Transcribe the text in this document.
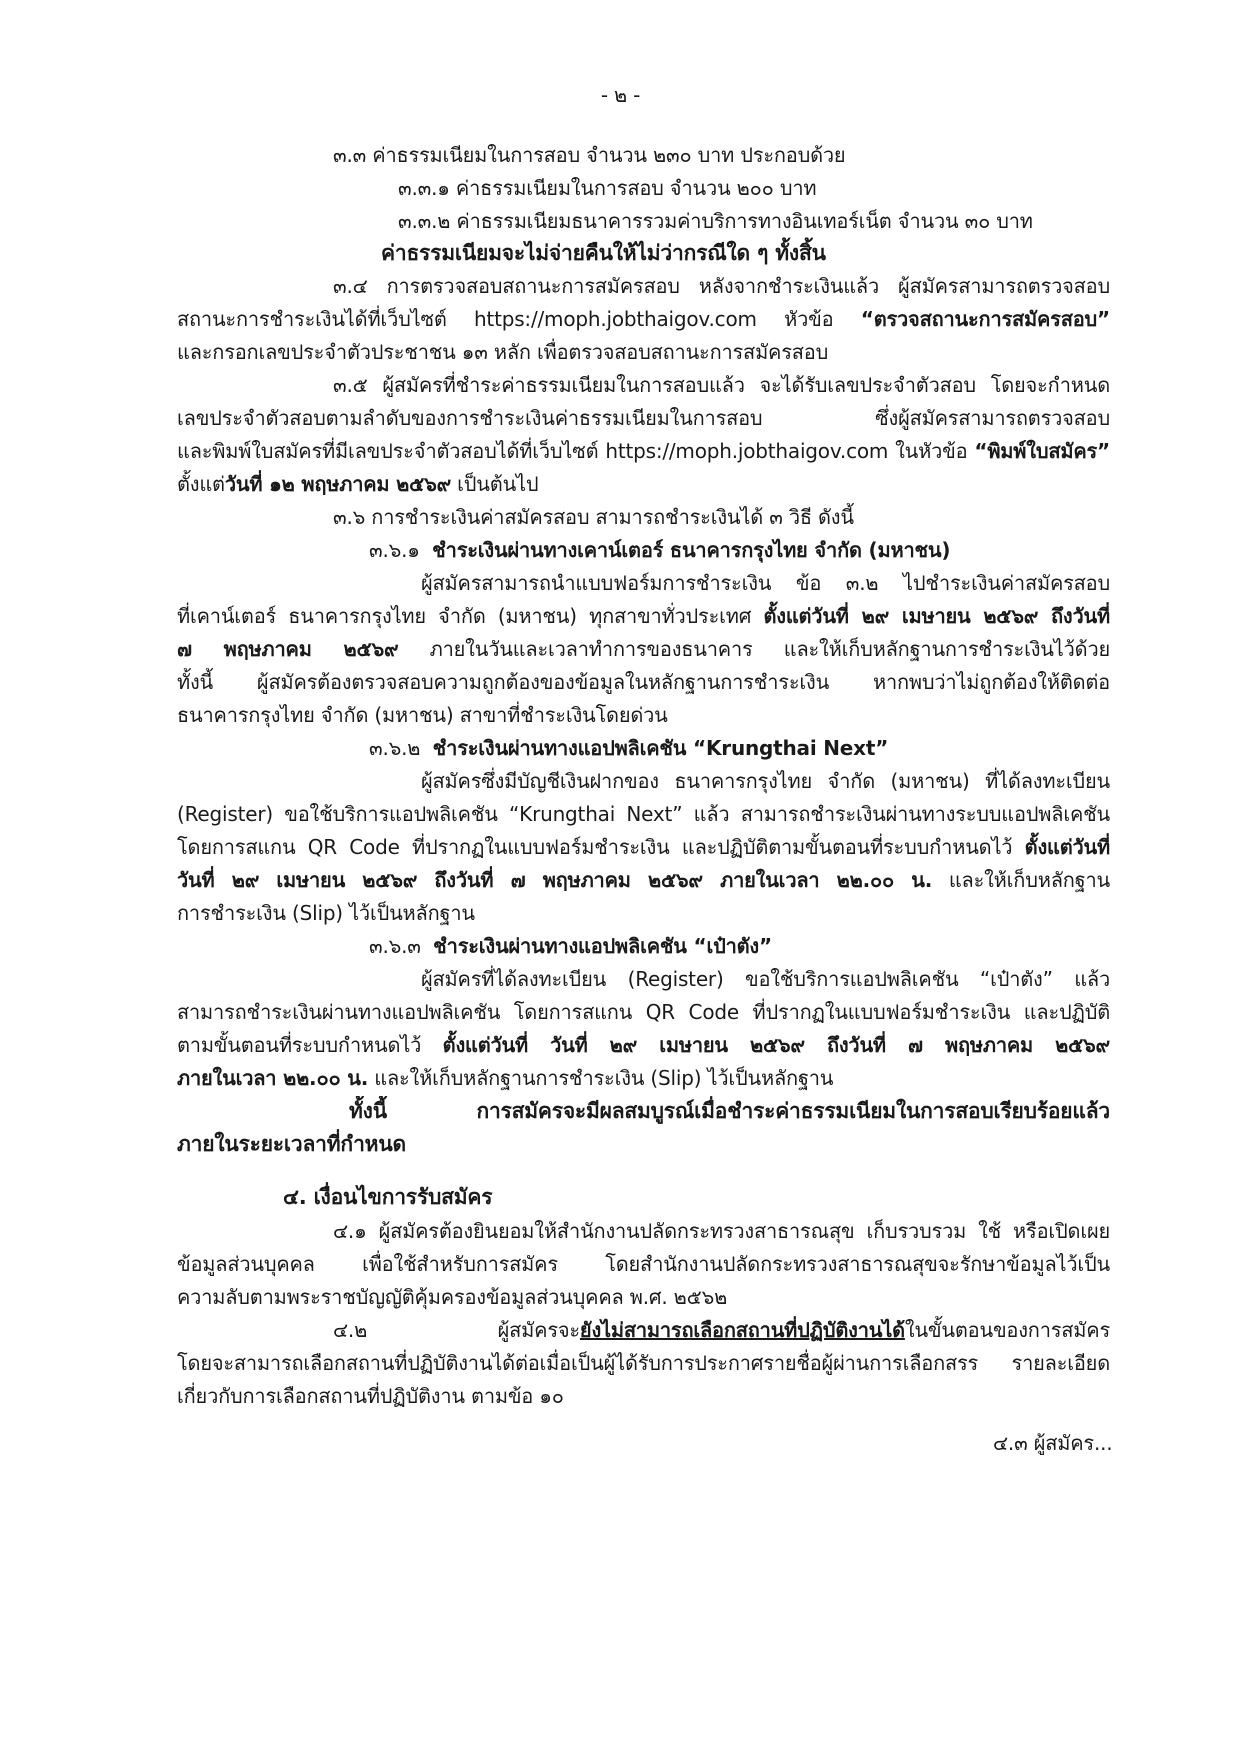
- ๒ -
๓.๓ ค่าธรรมเนียมในการสอบ จำนวน ๒๓๐ บาท ประกอบด้วย
๓.๓.๑ ค่าธรรมเนียมในการสอบ จำนวน ๒๐๐ บาท
๓.๓.๒ ค่าธรรมเนียมธนาคารรวมค่าบริการทางอินเทอร์เน็ต จำนวน ๓๐ บาท
ค่าธรรมเนียมจะไม่จ่ายคืนให้ไม่ว่ากรณีใด ๆ ทั้งสิ้น
๓.๔ การตรวจสอบสถานะการสมัครสอบ หลังจากชำระเงินแล้ว ผู้สมัครสามารถตรวจสอบ
สถานะการชำระเงินได้ที่เว็บไซต์ https://moph.jobthaigov.com หัวข้อ “ตรวจสถานะการสมัครสอบ”
และกรอกเลขประจำตัวประชาชน ๑๓ หลัก เพื่อตรวจสอบสถานะการสมัครสอบ
๓.๕ ผู้สมัครที่ชำระค่าธรรมเนียมในการสอบแล้ว จะได้รับเลขประจำตัวสอบ โดยจะกำหนด
เลขประจำตัวสอบตามลำดับของการชำระเงินค่าธรรมเนียมในการสอบ ซึ่งผู้สมัครสามารถตรวจสอบ
และพิมพ์ใบสมัครที่มีเลขประจำตัวสอบได้ที่เว็บไซต์ https://moph.jobthaigov.com ในหัวข้อ “พิมพ์ใบสมัคร”
ตั้งแต่วันที่ ๑๒ พฤษภาคม ๒๕๖๙ เป็นต้นไป
๓.๖ การชำระเงินค่าสมัครสอบ สามารถชำระเงินได้ ๓ วิธี ดังนี้
๓.๖.๑ ชำระเงินผ่านทางเคาน์เตอร์ ธนาคารกรุงไทย จำกัด (มหาชน)
ผู้สมัครสามารถนำแบบฟอร์มการชำระเงิน ข้อ ๓.๒ ไปชำระเงินค่าสมัครสอบ
ที่เคาน์เตอร์ ธนาคารกรุงไทย จำกัด (มหาชน) ทุกสาขาทั่วประเทศ ตั้งแต่วันที่ ๒๙ เมษายน ๒๕๖๙ ถึงวันที่
๗ พฤษภาคม ๒๕๖๙ ภายในวันและเวลาทำการของธนาคาร และให้เก็บหลักฐานการชำระเงินไว้ด้วย
ทั้งนี้ ผู้สมัครต้องตรวจสอบความถูกต้องของข้อมูลในหลักฐานการชำระเงิน หากพบว่าไม่ถูกต้องให้ติดต่อ
ธนาคารกรุงไทย จำกัด (มหาชน) สาขาที่ชำระเงินโดยด่วน
๓.๖.๒ ชำระเงินผ่านทางแอปพลิเคชัน “Krungthai Next”
ผู้สมัครซึ่งมีบัญชีเงินฝากของ ธนาคารกรุงไทย จำกัด (มหาชน) ที่ได้ลงทะเบียน
(Register) ขอใช้บริการแอปพลิเคชัน “Krungthai Next” แล้ว สามารถชำระเงินผ่านทางระบบแอปพลิเคชัน
โดยการสแกน QR Code ที่ปรากฏในแบบฟอร์มชำระเงิน และปฏิบัติตามขั้นตอนที่ระบบกำหนดไว้ ตั้งแต่วันที่
วันที่ ๒๙ เมษายน ๒๕๖๙ ถึงวันที่ ๗ พฤษภาคม ๒๕๖๙ ภายในเวลา ๒๒.๐๐ น. และให้เก็บหลักฐาน
การชำระเงิน (Slip) ไว้เป็นหลักฐาน
๓.๖.๓ ชำระเงินผ่านทางแอปพลิเคชัน “เป๋าตัง”
ผู้สมัครที่ได้ลงทะเบียน (Register) ขอใช้บริการแอปพลิเคชัน “เป๋าตัง” แล้ว
สามารถชำระเงินผ่านทางแอปพลิเคชัน โดยการสแกน QR Code ที่ปรากฏในแบบฟอร์มชำระเงิน และปฏิบัติ
ตามขั้นตอนที่ระบบกำหนดไว้ ตั้งแต่วันที่ วันที่ ๒๙ เมษายน ๒๕๖๙ ถึงวันที่ ๗ พฤษภาคม ๒๕๖๙
ภายในเวลา ๒๒.๐๐ น. และให้เก็บหลักฐานการชำระเงิน (Slip) ไว้เป็นหลักฐาน
ทั้งนี้ การสมัครจะมีผลสมบูรณ์เมื่อชำระค่าธรรมเนียมในการสอบเรียบร้อยแล้ว
ภายในระยะเวลาที่กำหนด
๔. เงื่อนไขการรับสมัคร
๔.๑ ผู้สมัครต้องยินยอมให้สำนักงานปลัดกระทรวงสาธารณสุข เก็บรวบรวม ใช้ หรือเปิดเผย
ข้อมูลส่วนบุคคล เพื่อใช้สำหรับการสมัคร โดยสำนักงานปลัดกระทรวงสาธารณสุขจะรักษาข้อมูลไว้เป็น
ความลับตามพระราชบัญญัติคุ้มครองข้อมูลส่วนบุคคล พ.ศ. ๒๕๖๒
๔.๒ ผู้สมัครจะยังไม่สามารถเลือกสถานที่ปฏิบัติงานได้ในขั้นตอนของการสมัคร
โดยจะสามารถเลือกสถานที่ปฏิบัติงานได้ต่อเมื่อเป็นผู้ได้รับการประกาศรายชื่อผู้ผ่านการเลือกสรร รายละเอียด
เกี่ยวกับการเลือกสถานที่ปฏิบัติงาน ตามข้อ ๑๐
๔.๓ ผู้สมัคร...
